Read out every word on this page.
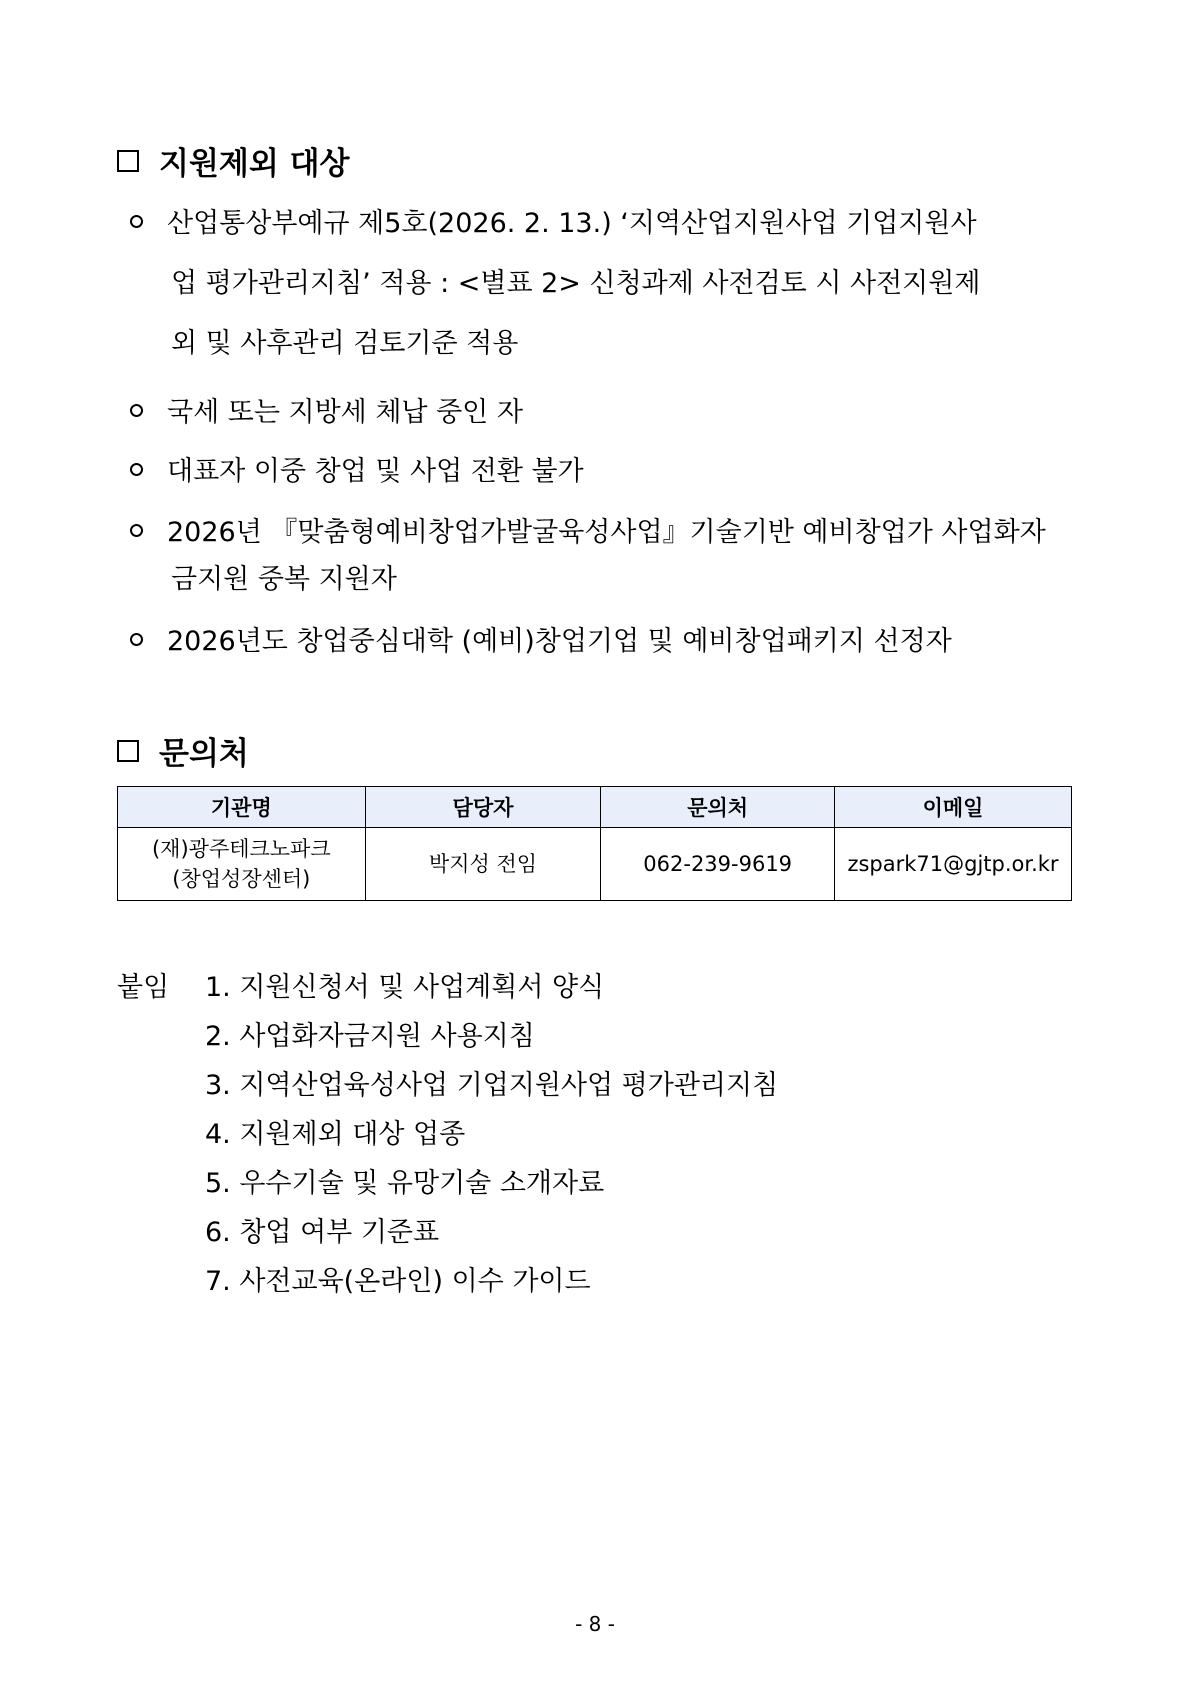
지원제외 대상
산업통상부예규 제5호(2026. 2. 13.) ‘지역산업지원사업 기업지원사
업 평가관리지침’ 적용 : <별표 2> 신청과제 사전검토 시 사전지원제
외 및 사후관리 검토기준 적용
국세 또는 지방세 체납 중인 자
대표자 이중 창업 및 사업 전환 불가
2026년 『맞춤형예비창업가발굴육성사업』기술기반 예비창업가 사업화자
금지원 중복 지원자
2026년도 창업중심대학 (예비)창업기업 및 예비창업패키지 선정자
문의처
기관명	담당자	문의처	이메일

(재)광주테크노파크
(창업성장센터)	박지성 전임	062-239-9619	zspark71@gjtp.or.kr
붙임 1. 지원신청서 및 사업계획서 양식
2. 사업화자금지원 사용지침
3. 지역산업육성사업 기업지원사업 평가관리지침
4. 지원제외 대상 업종
5. 우수기술 및 유망기술 소개자료
6. 창업 여부 기준표
7. 사전교육(온라인) 이수 가이드
- 8 -
